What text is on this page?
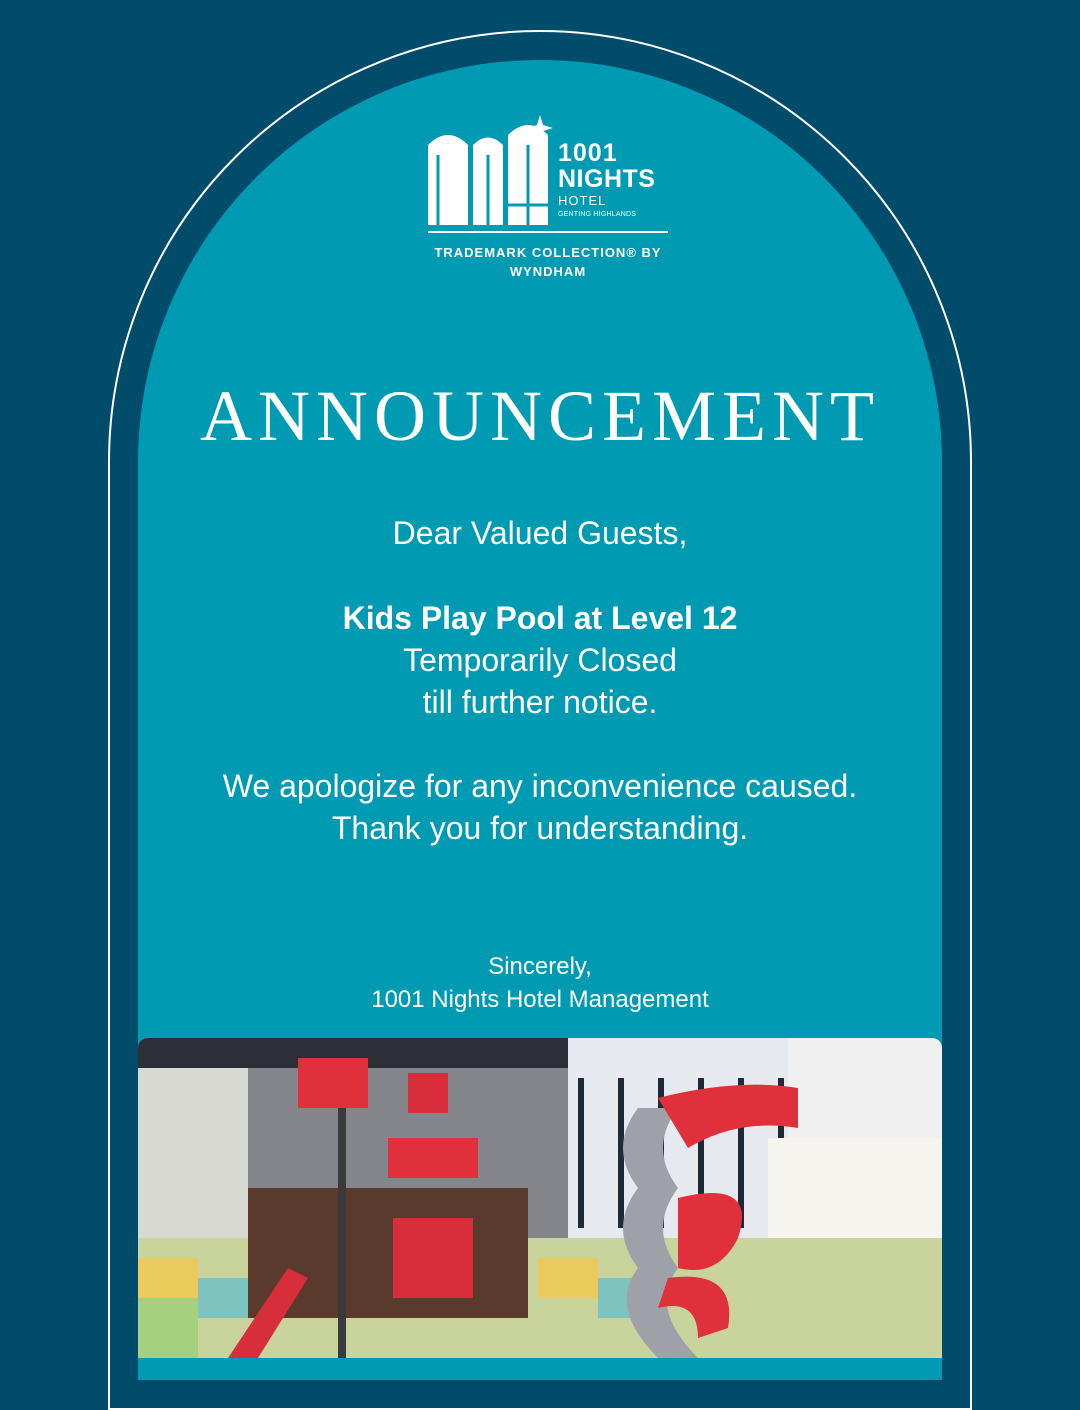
1001
NIGHTS
HOTEL
GENTING HIGHLANDS
TRADEMARK COLLECTION® BY WYNDHAM
ANNOUNCEMENT
Dear Valued Guests,
Kids Play Pool at Level 12
Temporarily Closed
till further notice.
We apologize for any inconvenience caused.
Thank you for understanding.
Sincerely,
1001 Nights Hotel Management
